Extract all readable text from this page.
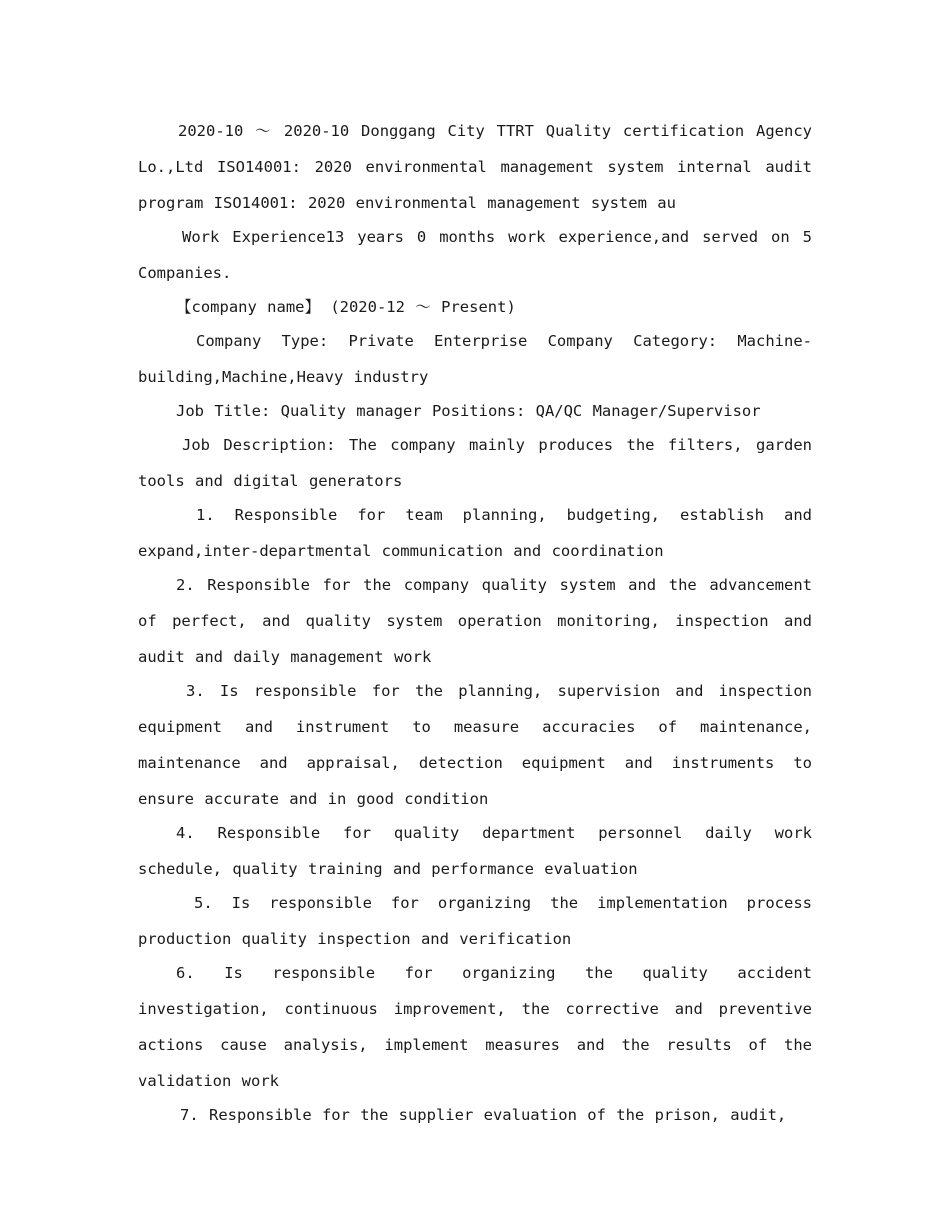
2020-10 ～ 2020-10 Donggang City TTRT Quality certification Agency Lo.,Ltd ISO14001: 2020 environmental management system internal audit program ISO14001: 2020 environmental management system au

Work Experience13 years 0 months work experience,and served on 5 Companies.

【company name】 (2020-12 ～ Present)

Company Type: Private Enterprise Company Category: Machine-building,Machine,Heavy industry

Job Title: Quality manager Positions: QA/QC Manager/Supervisor

Job Description: The company mainly produces the filters, garden tools and digital generators

1. Responsible for team planning, budgeting, establish and expand,inter-departmental communication and coordination

2. Responsible for the company quality system and the advancement of perfect, and quality system operation monitoring, inspection and audit and daily management work

3. Is responsible for the planning, supervision and inspection equipment and instrument to measure accuracies of maintenance, maintenance and appraisal, detection equipment and instruments to ensure accurate and in good condition

4. Responsible for quality department personnel daily work schedule, quality training and performance evaluation

5. Is responsible for organizing the implementation process production quality inspection and verification

6. Is responsible for organizing the quality accident investigation, continuous improvement, the corrective and preventive actions cause analysis, implement measures and the results of the validation work

7. Responsible for the supplier evaluation of the prison, audit,
